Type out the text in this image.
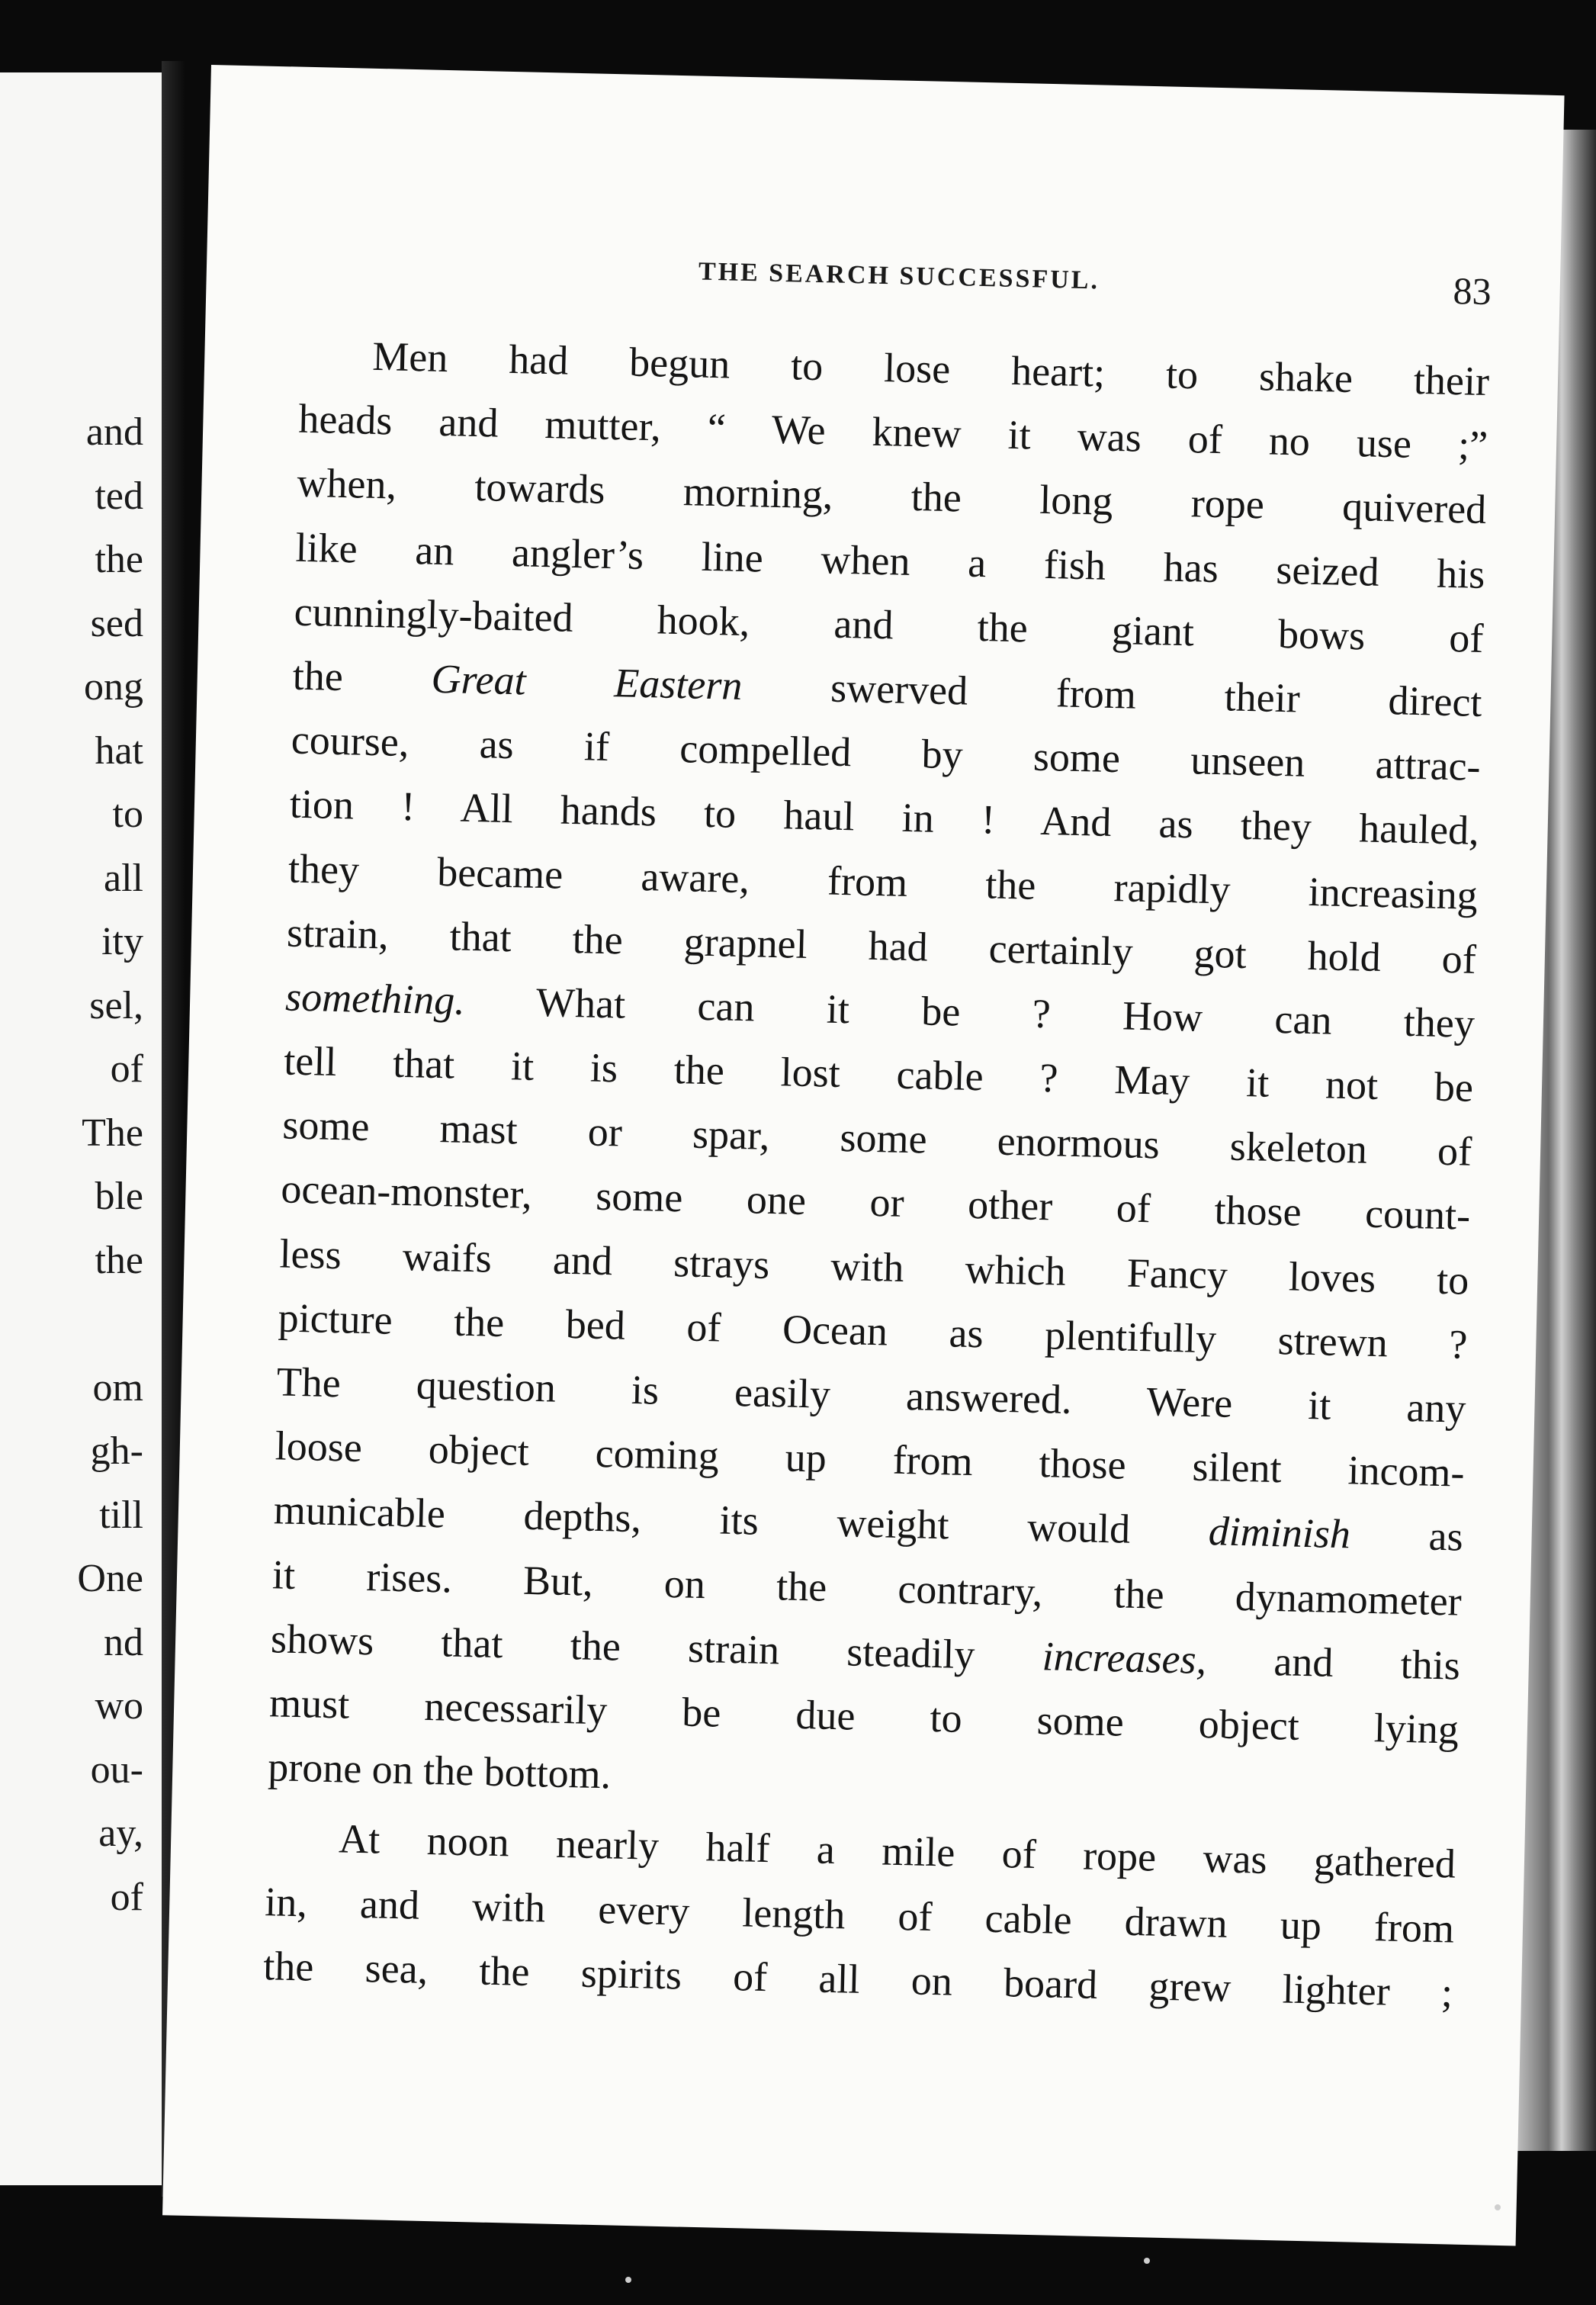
and
ted
the
sed
ong
hat
to
all
ity
sel,
of
The
ble
the
om
gh-
till
One
nd
wo
ou-
ay,
of
THE SEARCH SUCCESSFUL.	83
Men had begun to lose heart; to shake their
heads and mutter, “ We knew it was of no use ;”
when, towards morning, the long rope quivered
like an angler’s line when a fish has seized his
cunningly-baited hook, and the giant bows of
the Great Eastern swerved from their direct
course, as if compelled by some unseen attrac-
tion ! All hands to haul in ! And as they hauled,
they became aware, from the rapidly increasing
strain, that the grapnel had certainly got hold of
something. What can it be ? How can they
tell that it is the lost cable ? May it not be
some mast or spar, some enormous skeleton of
ocean-monster, some one or other of those count-
less waifs and strays with which Fancy loves to
picture the bed of Ocean as plentifully strewn ?
The question is easily answered. Were it any
loose object coming up from those silent incom-
municable depths, its weight would diminish as
it rises. But, on the contrary, the dynamometer
shows that the strain steadily increases, and this
must necessarily be due to some object lying
prone on the bottom.
At noon nearly half a mile of rope was gathered
in, and with every length of cable drawn up from
the sea, the spirits of all on board grew lighter ;
